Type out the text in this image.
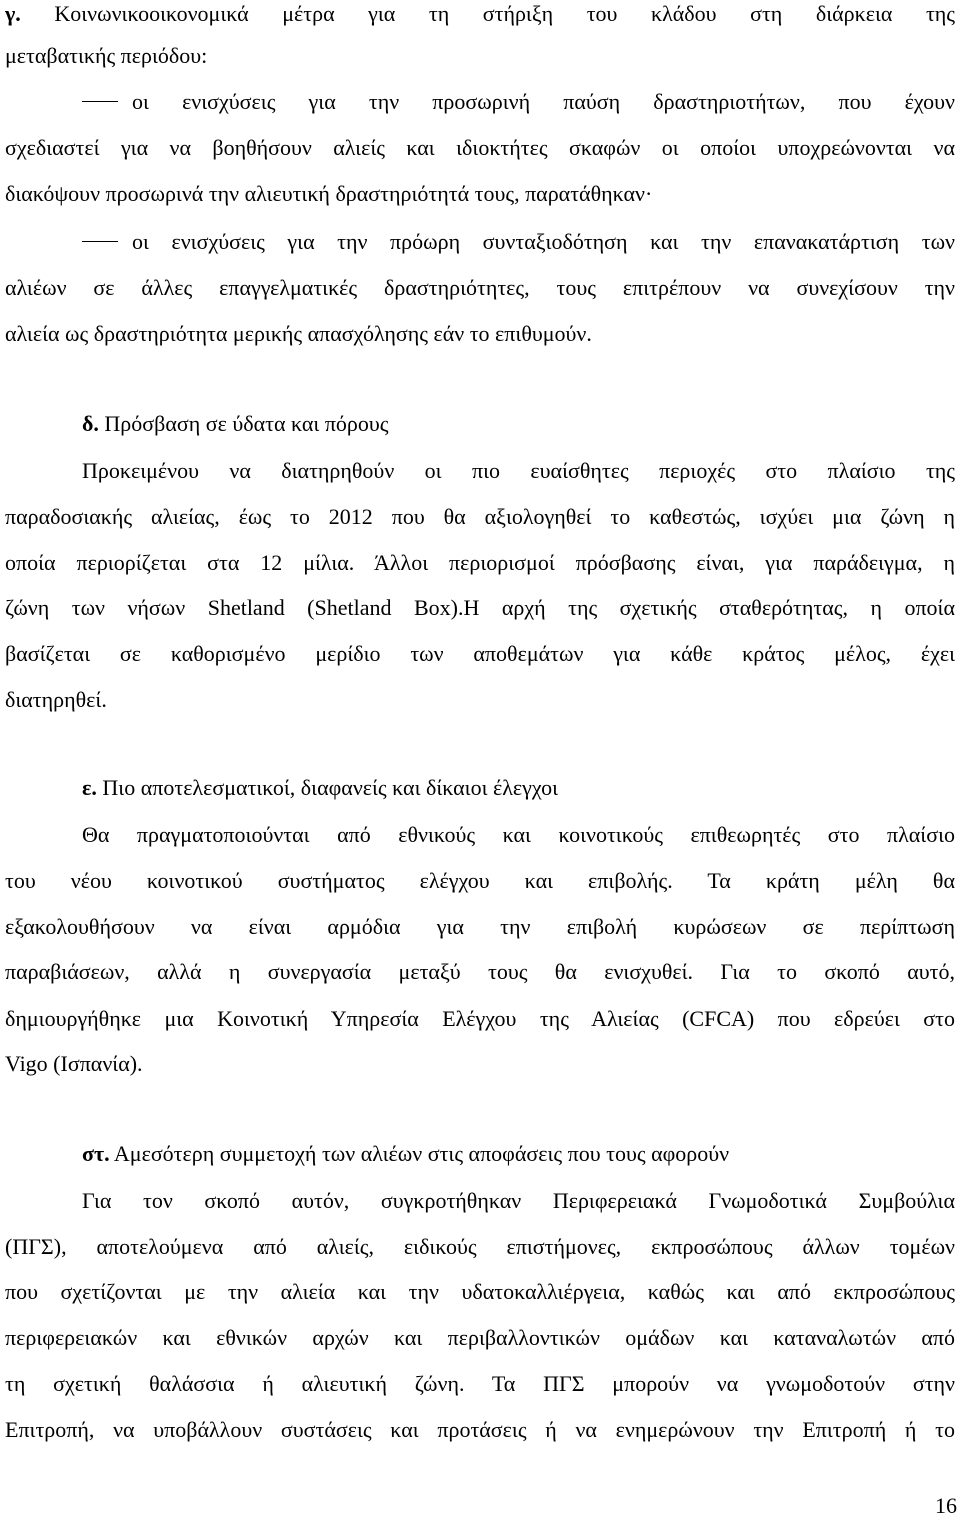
γ. Κοινωνικοοικονομικά μέτρα για τη στήριξη του κλάδου στη διάρκεια της
μεταβατικής περιόδου:
οι ενισχύσεις για την προσωρινή παύση δραστηριοτήτων, που έχουν
σχεδιαστεί για να βοηθήσουν αλιείς και ιδιοκτήτες σκαφών οι οποίοι υποχρεώνονται να
διακόψουν προσωρινά την αλιευτική δραστηριότητά τους, παρατάθηκαν·
οι ενισχύσεις για την πρόωρη συνταξιοδότηση και την επανακατάρτιση των
αλιέων σε άλλες επαγγελματικές δραστηριότητες, τους επιτρέπουν να συνεχίσουν την
αλιεία ως δραστηριότητα μερικής απασχόλησης εάν το επιθυμούν.
δ. Πρόσβαση σε ύδατα και πόρους
Προκειμένου να διατηρηθούν οι πιο ευαίσθητες περιοχές στο πλαίσιο της
παραδοσιακής αλιείας, έως το 2012 που θα αξιολογηθεί το καθεστώς, ισχύει μια ζώνη η
οποία περιορίζεται στα 12 μίλια. Άλλοι περιορισμοί πρόσβασης είναι, για παράδειγμα, η
ζώνη των νήσων Shetland (Shetland Box).Η αρχή της σχετικής σταθερότητας, η οποία
βασίζεται σε καθορισμένο μερίδιο των αποθεμάτων για κάθε κράτος μέλος, έχει
διατηρηθεί.
ε. Πιο αποτελεσματικοί, διαφανείς και δίκαιοι έλεγχοι
Θα πραγματοποιούνται από εθνικούς και κοινοτικούς επιθεωρητές στο πλαίσιο
του νέου κοινοτικού συστήματος ελέγχου και επιβολής. Τα κράτη μέλη θα
εξακολουθήσουν να είναι αρμόδια για την επιβολή κυρώσεων σε περίπτωση
παραβιάσεων, αλλά η συνεργασία μεταξύ τους θα ενισχυθεί. Για το σκοπό αυτό,
δημιουργήθηκε μια Κοινοτική Υπηρεσία Ελέγχου της Αλιείας (CFCA) που εδρεύει στο
Vigo (Ισπανία).
στ. Αμεσότερη συμμετοχή των αλιέων στις αποφάσεις που τους αφορούν
Για τον σκοπό αυτόν, συγκροτήθηκαν Περιφερειακά Γνωμοδοτικά Συμβούλια
(ΠΓΣ), αποτελούμενα από αλιείς, ειδικούς επιστήμονες, εκπροσώπους άλλων τομέων
που σχετίζονται με την αλιεία και την υδατοκαλλιέργεια, καθώς και από εκπροσώπους
περιφερειακών και εθνικών αρχών και περιβαλλοντικών ομάδων και καταναλωτών από
τη σχετική θαλάσσια ή αλιευτική ζώνη. Τα ΠΓΣ μπορούν να γνωμοδοτούν στην
Επιτροπή, να υποβάλλουν συστάσεις και προτάσεις ή να ενημερώνουν την Επιτροπή ή το
16
